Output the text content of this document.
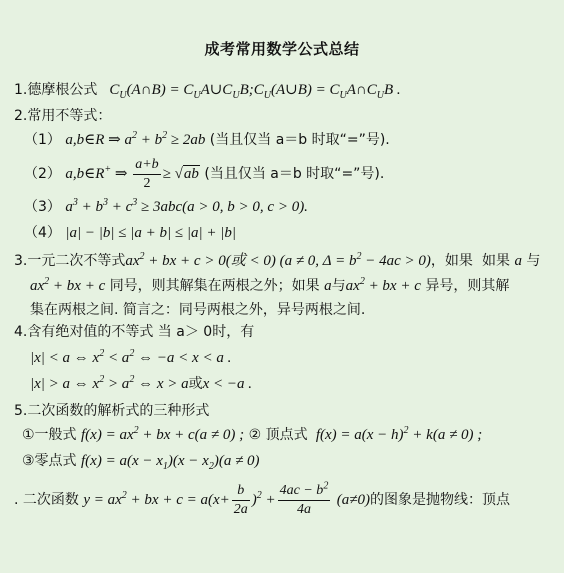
成考常用数学公式总结
1.德摩根公式   $C_U(A\cap B)$ = $C_UA\cup C_UB;C_U(A\cup B)$ = $C_UA\cap C_UB$ .
2.常用不等式：
（1） a,b∈R ⇒ $a^2 + b^2 \ge 2ab$ (当且仅当 a＝b 时取“=”号).
（2） a,b∈R+ ⇒ $\frac{a+b}{2} \ge √ab$ (当且仅当 a＝b 时取“=”号).
（3） $a^3 + b^3 + c^3 \ge 3abc(a > 0$, b > 0, c > 0).
（4） |a| − |b| ≤ |a + b| ≤ |a| + |b|
3.一元二次不等式$ax^2$ + bx + c > 0(或 < 0) (a ≠ 0, $\Delta = b^2 - 4ac > 0$)，如果 如果 a 与
$ax^2$ + bx + c 同号，则其解集在两根之外；如果 a与$ax^2$ + bx + c 异号，则其解
集在两根之间. 简言之：同号两根之外，异号两根之间.
4.含有绝对值的不等式 当 a＞ 0时，有
|x| < a ⇔ $x^2 < a^2$ ⇔ −a < x < a .
|x| > a ⇔ $x^2 > a^2$ ⇔ x > a或x < −a .
5.二次函数的解析式的三种形式
①一般式 $f(x) = ax^2$ + bx + c(a ≠ 0) ; ② 顶点式  $f(x) = a(x - h)^2 + k(a \ne 0)$ ;
③零点式 $f(x) = a(x - x_1)(x - x_2)(a \ne 0)$
. 二次函数 $y = ax^2$ + bx + $c = a(x+ \frac{b}{2a} )^2 + \frac{4ac - b^2}{4a} (a\ne 0)$的图象是抛物线：顶点
